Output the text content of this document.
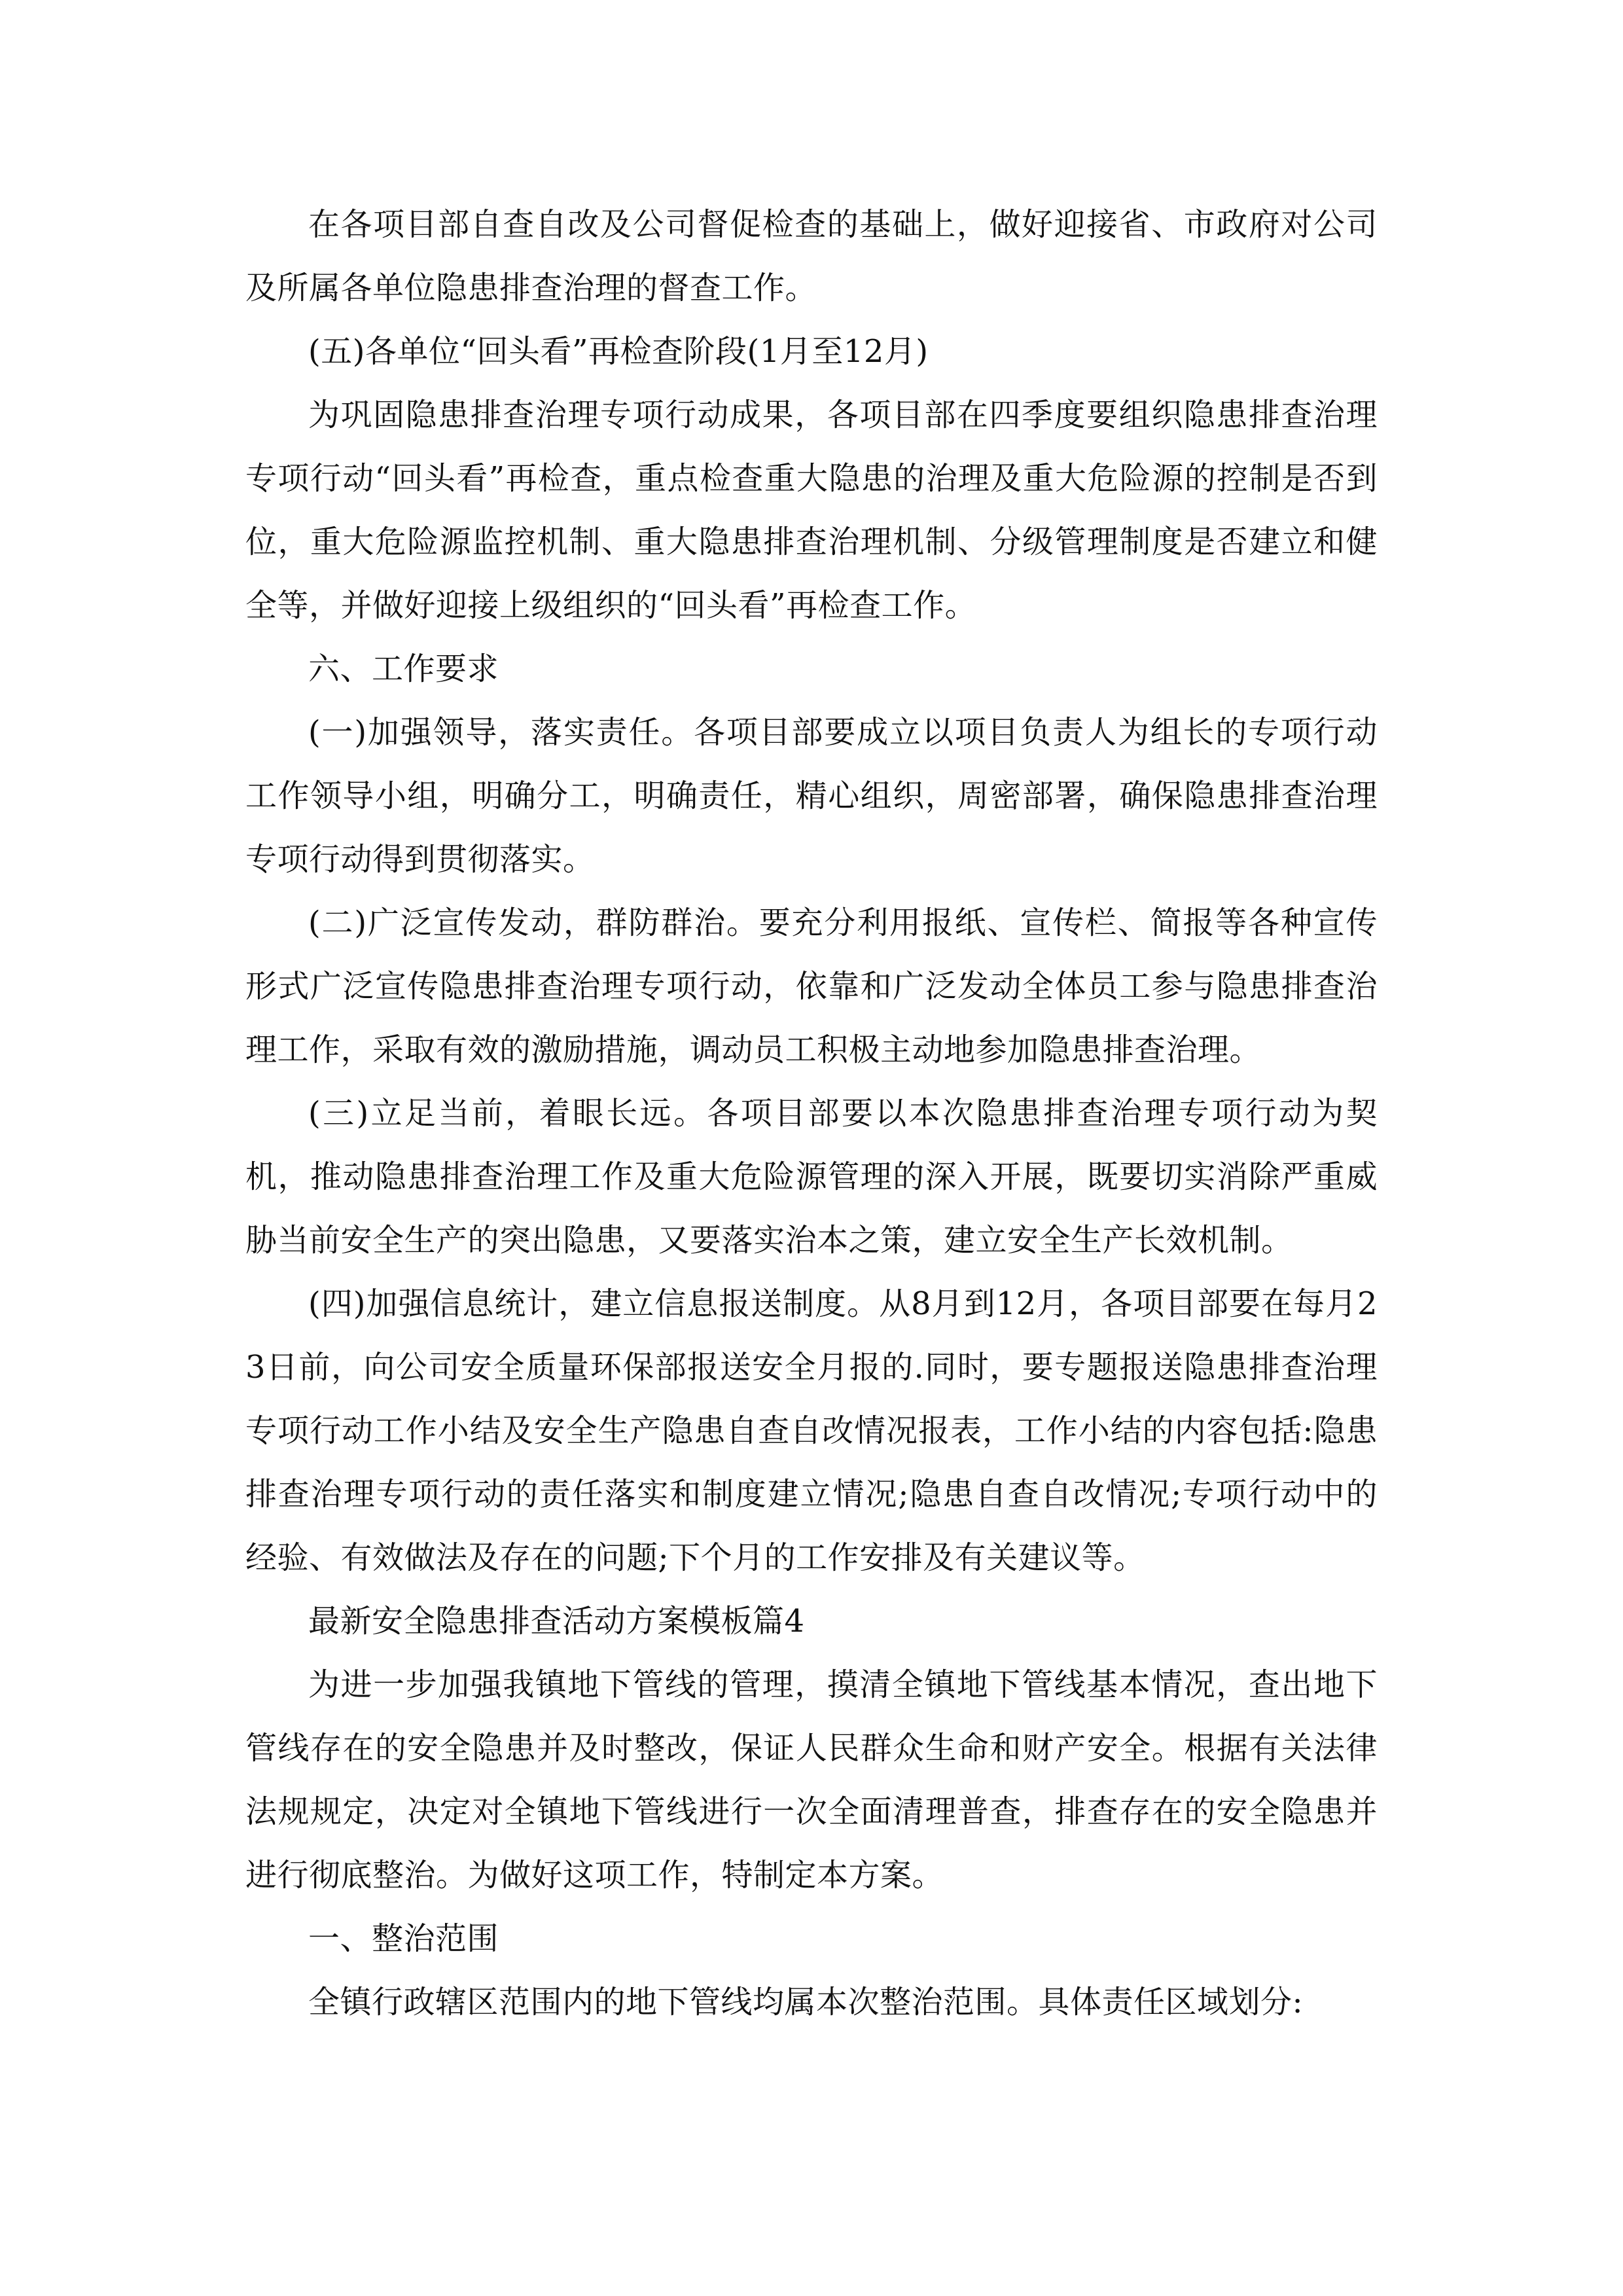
在各项目部自查自改及公司督促检查的基础上，做好迎接省、市政府对公司及所属各单位隐患排查治理的督查工作。

(五)各单位“回头看”再检查阶段(1月至12月)

为巩固隐患排查治理专项行动成果，各项目部在四季度要组织隐患排查治理专项行动“回头看”再检查，重点检查重大隐患的治理及重大危险源的控制是否到位，重大危险源监控机制、重大隐患排查治理机制、分级管理制度是否建立和健全等，并做好迎接上级组织的“回头看”再检查工作。

六、工作要求

(一)加强领导，落实责任。各项目部要成立以项目负责人为组长的专项行动工作领导小组，明确分工，明确责任，精心组织，周密部署，确保隐患排查治理专项行动得到贯彻落实。

(二)广泛宣传发动，群防群治。要充分利用报纸、宣传栏、简报等各种宣传形式广泛宣传隐患排查治理专项行动，依靠和广泛发动全体员工参与隐患排查治理工作，采取有效的激励措施，调动员工积极主动地参加隐患排查治理。

(三)立足当前，着眼长远。各项目部要以本次隐患排查治理专项行动为契机，推动隐患排查治理工作及重大危险源管理的深入开展，既要切实消除严重威胁当前安全生产的突出隐患，又要落实治本之策，建立安全生产长效机制。

(四)加强信息统计，建立信息报送制度。从8月到12月，各项目部要在每月23日前，向公司安全质量环保部报送安全月报的.同时，要专题报送隐患排查治理专项行动工作小结及安全生产隐患自查自改情况报表，工作小结的内容包括:隐患排查治理专项行动的责任落实和制度建立情况;隐患自查自改情况;专项行动中的经验、有效做法及存在的问题;下个月的工作安排及有关建议等。

最新安全隐患排查活动方案模板篇4

为进一步加强我镇地下管线的管理，摸清全镇地下管线基本情况，查出地下管线存在的安全隐患并及时整改，保证人民群众生命和财产安全。根据有关法律法规规定，决定对全镇地下管线进行一次全面清理普查，排查存在的安全隐患并进行彻底整治。为做好这项工作，特制定本方案。

一、整治范围

全镇行政辖区范围内的地下管线均属本次整治范围。具体责任区域划分:
